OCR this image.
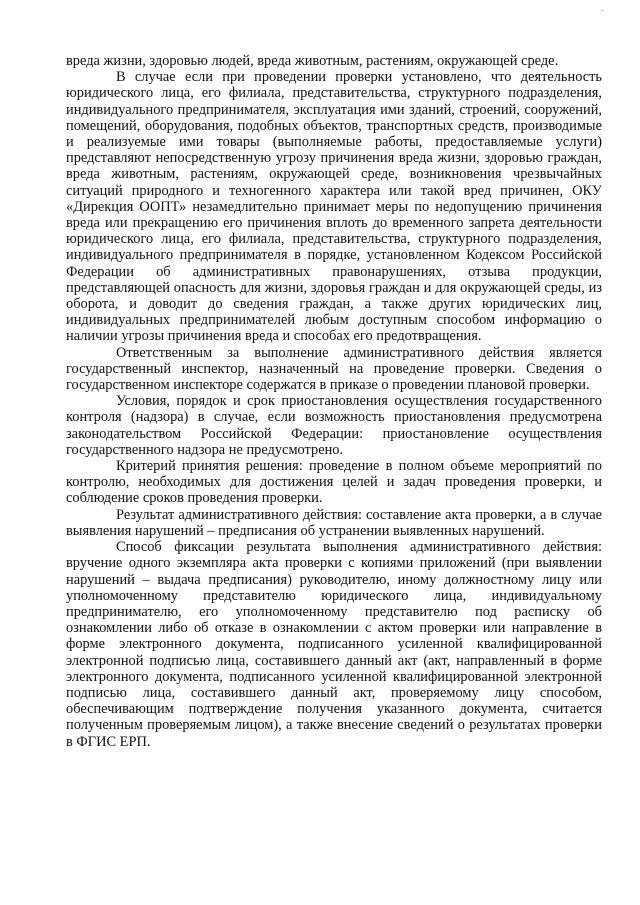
-

вреда жизни, здоровью людей, вреда животным, растениям, окружающей среде.

В случае если при проведении проверки установлено, что деятельность юридического лица, его филиала, представительства, структурного подразделения, индивидуального предпринимателя, эксплуатация ими зданий, строений, сооружений, помещений, оборудования, подобных объектов, транспортных средств, производимые и реализуемые ими товары (выполняемые работы, предоставляемые услуги) представляют непосредственную угрозу причинения вреда жизни, здоровью граждан, вреда животным, растениям, окружающей среде, возникновения чрезвычайных ситуаций природного и техногенного характера или такой вред причинен, ОКУ «Дирекция ООПТ» незамедлительно принимает меры по недопущению причинения вреда или прекращению его причинения вплоть до временного запрета деятельности юридического лица, его филиала, представительства, структурного подразделения, индивидуального предпринимателя в порядке, установленном Кодексом Российской Федерации об административных правонарушениях, отзыва продукции, представляющей опасность для жизни, здоровья граждан и для окружающей среды, из оборота, и доводит до сведения граждан, а также других юридических лиц, индивидуальных предпринимателей любым доступным способом информацию о наличии угрозы причинения вреда и способах его предотвращения.

Ответственным за выполнение административного действия является государственный инспектор, назначенный на проведение проверки. Сведения о государственном инспекторе содержатся в приказе о проведении плановой проверки.

Условия, порядок и срок приостановления осуществления государственного контроля (надзора) в случае, если возможность приостановления предусмотрена законодательством Российской Федерации: приостановление осуществления государственного надзора не предусмотрено.

Критерий принятия решения: проведение в полном объеме мероприятий по контролю, необходимых для достижения целей и задач проведения проверки, и соблюдение сроков проведения проверки.

Результат административного действия: составление акта проверки, а в случае выявления нарушений – предписания об устранении выявленных нарушений.

Способ фиксации результата выполнения административного действия: вручение одного экземпляра акта проверки с копиями приложений (при выявлении нарушений – выдача предписания) руководителю, иному должностному лицу или уполномоченному представителю юридического лица, индивидуальному предпринимателю, его уполномоченному представителю под расписку об ознакомлении либо об отказе в ознакомлении с актом проверки или направление в форме электронного документа, подписанного усиленной квалифицированной электронной подписью лица, составившего данный акт (акт, направленный в форме электронного документа, подписанного усиленной квалифицированной электронной подписью лица, составившего данный акт, проверяемому лицу способом, обеспечивающим подтверждение получения указанного документа, считается полученным проверяемым лицом), а также внесение сведений о результатах проверки в ФГИС ЕРП.
